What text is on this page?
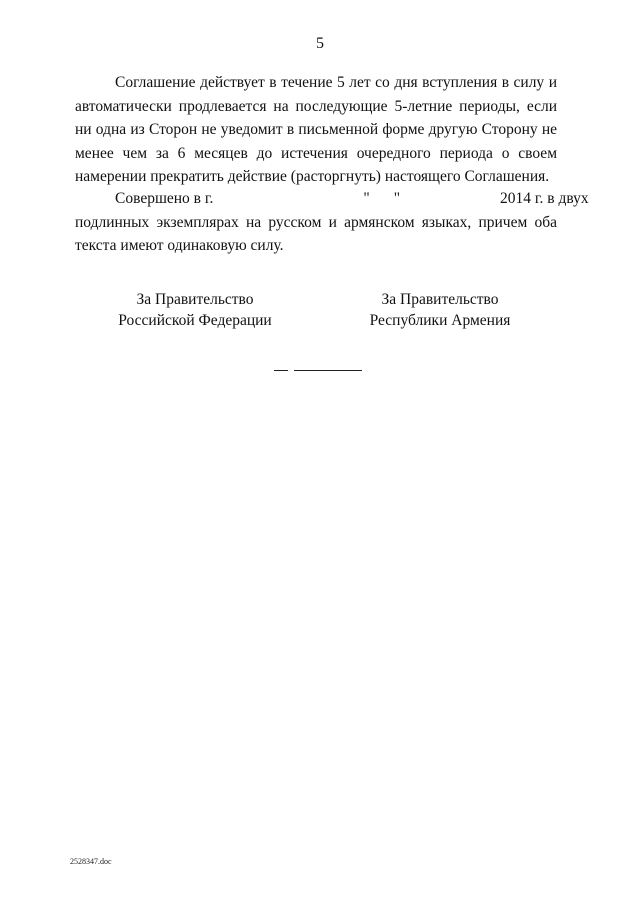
5

Соглашение действует в течение 5 лет со дня вступления в силу и автоматически продлевается на последующие 5-летние периоды, если ни одна из Сторон не уведомит в письменной форме другую Сторону не менее чем за 6 месяцев до истечения очередного периода о своем намерении прекратить действие (расторгнуть) настоящего Соглашения.

Совершено в г.	" "	2014 г. в двух
подлинных экземплярах на русском и армянском языках, причем оба текста имеют одинаковую силу.
За Правительство
Российской Федерации
За Правительство
Республики Армения
2528347.doc
